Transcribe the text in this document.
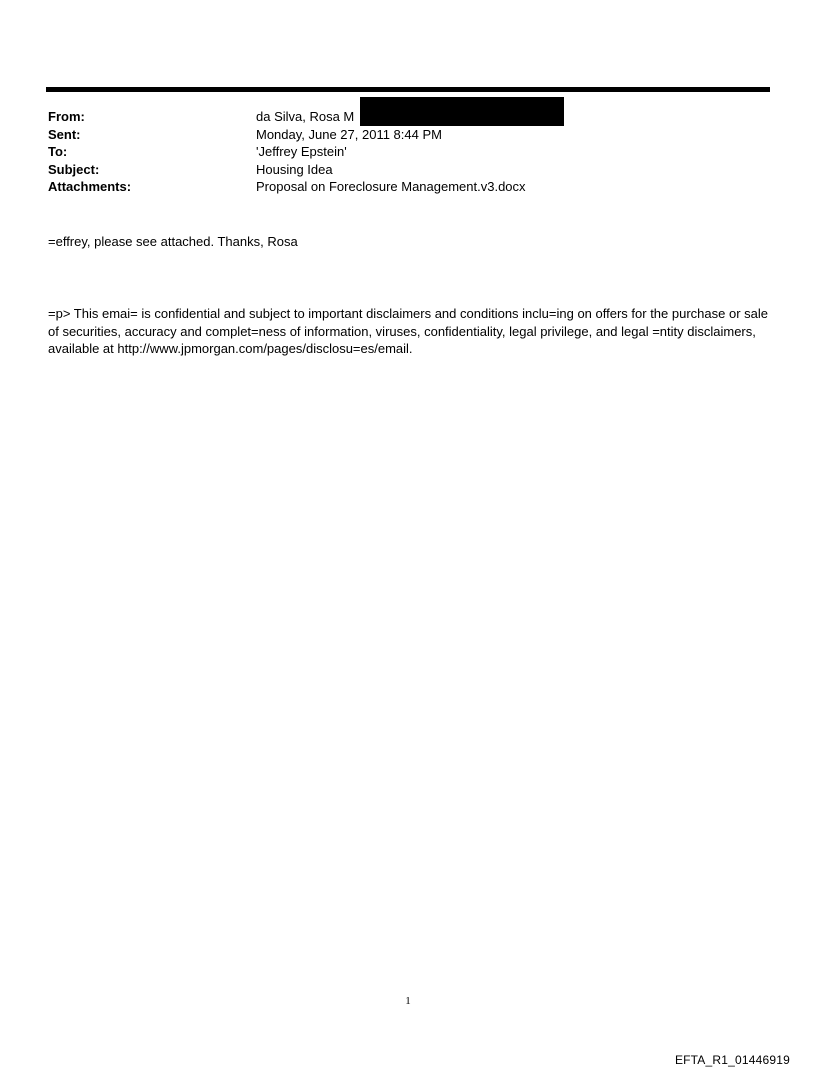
From:	da Silva, Rosa M
Sent:	Monday, June 27, 2011 8:44 PM
To:	'Jeffrey Epstein'
Subject:	Housing Idea
Attachments:	Proposal on Foreclosure Management.v3.docx
=effrey, please see attached. Thanks, Rosa
=p> This emai= is confidential and subject to important disclaimers and conditions inclu=ing on offers for the purchase or sale of securities, accuracy and complet=ness of information, viruses, confidentiality, legal privilege, and legal =ntity disclaimers, available at http://www.jpmorgan.com/pages/disclosu=es/email.
1
EFTA_R1_01446919
